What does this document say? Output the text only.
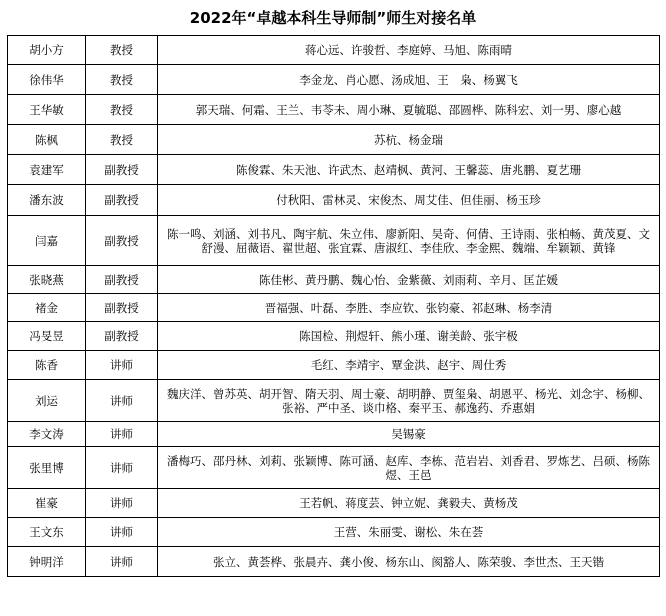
2022年“卓越本科生导师制”师生对接名单
胡小方	教授	蒋心远、许骏哲、李庭婷、马旭、陈雨晴
徐伟华	教授	李金龙、肖心愿、汤成旭、王　枭、杨翼飞
王华敏	教授	郭天瑞、何霜、王兰、韦苓未、周小琳、夏毓聪、邵圆桦、陈科宏、刘一男、廖心越
陈枫	教授	苏杭、杨金瑞
袁建军	副教授	陈俊霖、朱天池、许武杰、赵靖枫、黄河、王馨蕊、唐兆鹏、夏艺珊
潘东波	副教授	付秋阳、雷林灵、宋俊杰、周艾佳、但佳丽、杨玉珍
闫嘉	副教授	陈一鸣、刘涵、刘书凡、陶宇航、朱立伟、廖新阳、吴奇、何倩、王诗雨、张柏畅、黄茂夏、文舒漫、屈薇语、翟世超、张宜霖、唐淑红、李佳欣、李金熙、魏端、牟颖颖、黄锋
张晓燕	副教授	陈佳彬、黄丹鹏、魏心怡、金紫薇、刘雨莉、辛月、匡芷媛
褚金	副教授	晋福强、叶磊、李胜、李应钦、张钧豪、祁赵琳、杨李清
冯旻昱	副教授	陈国检、荆煜轩、熊小瑾、谢美龄、张宇极
陈香	讲师	毛红、李靖宇、覃金洪、赵宇、周仕秀
刘运	讲师	魏庆洋、曾苏英、胡开智、隋天羽、周士豪、胡明静、贾玺枭、胡恩平、杨光、刘念宇、杨柳、张裕、严中圣、谈巾格、秦平玉、郝逸药、乔惠娟
李文涛	讲师	吴锡豪
张里博	讲师	潘梅巧、邵丹林、刘莉、张颖博、陈可涵、赵库、李栋、范岩岩、刘香君、罗炼艺、吕硕、杨陈煜、王邑
崔豪	讲师	王若帆、蒋度芸、钟立妮、龚毅夫、黄杨茂
王文东	讲师	王营、朱丽雯、谢松、朱在荟
钟明洋	讲师	张立、黄荟桦、张晨卉、龚小俊、杨东山、阂豁人、陈荣骏、李世杰、王天锴
